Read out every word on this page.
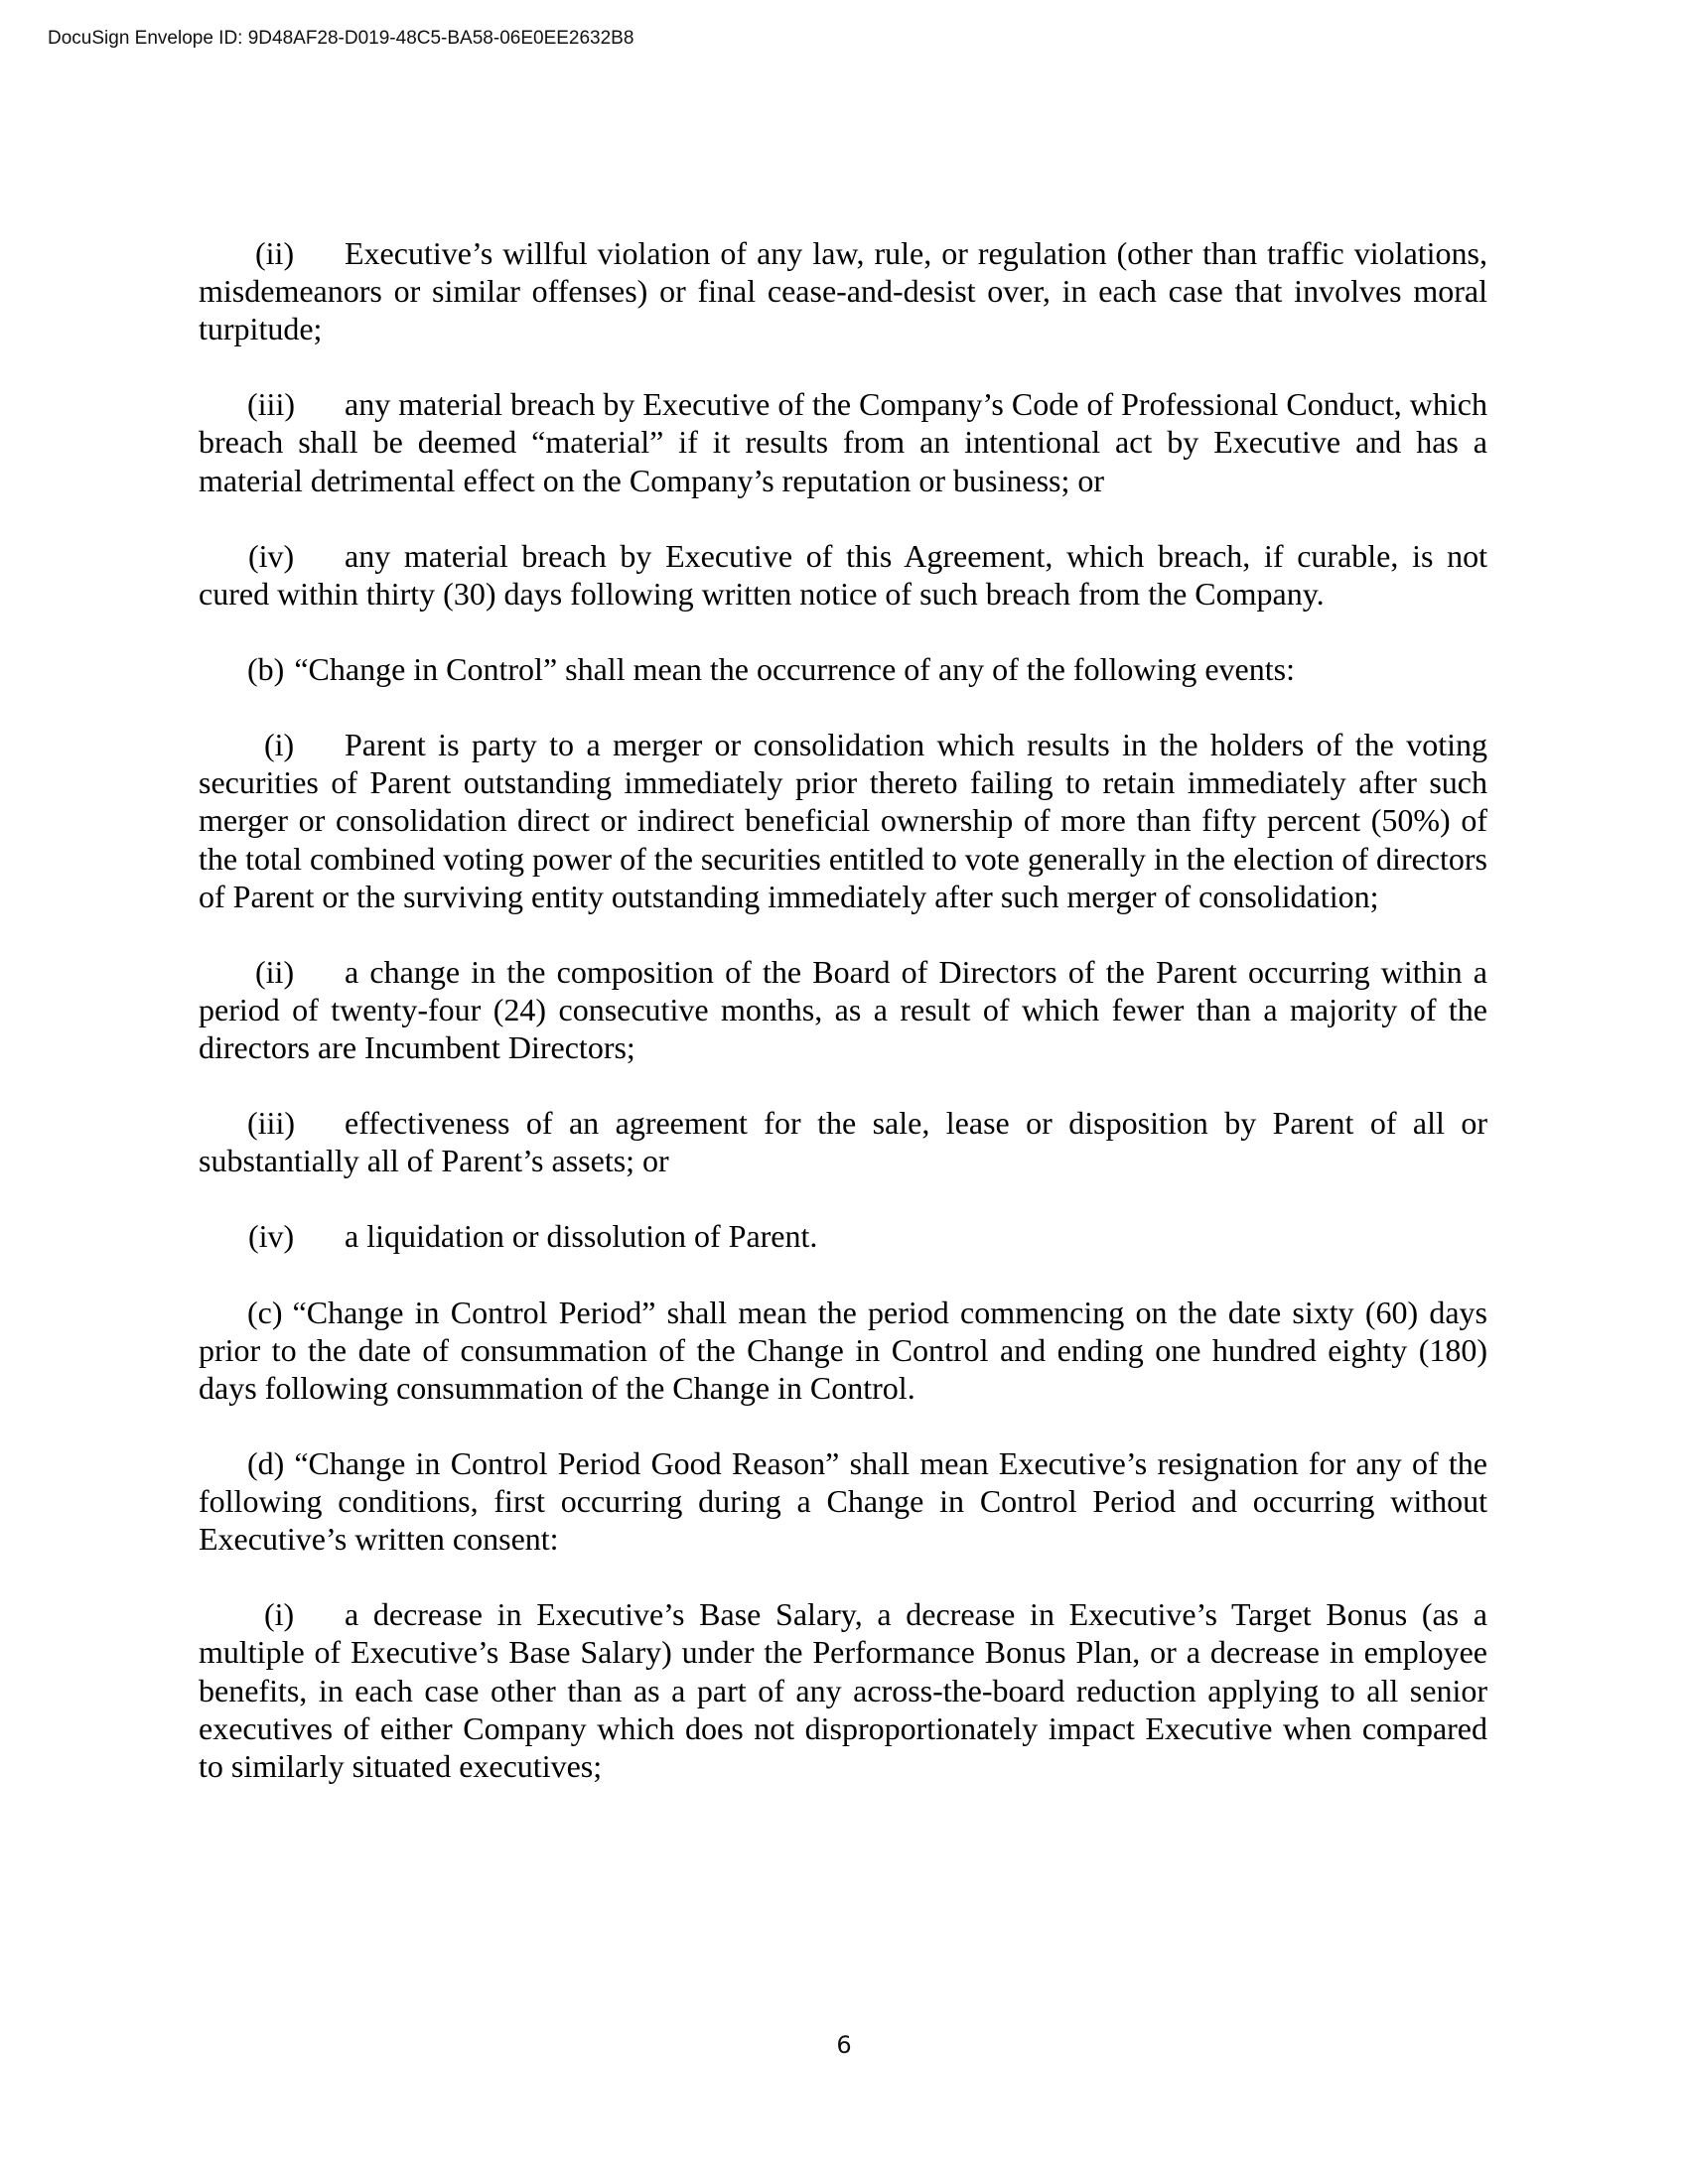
DocuSign Envelope ID: 9D48AF28-D019-48C5-BA58-06E0EE2632B8

(ii) Executive’s willful violation of any law, rule, or regulation (other than traffic violations, misdemeanors or similar offenses) or final cease-and-desist over, in each case that involves moral turpitude;

(iii) any material breach by Executive of the Company’s Code of Professional Conduct, which breach shall be deemed “material” if it results from an intentional act by Executive and has a material detrimental effect on the Company’s reputation or business; or

(iv) any material breach by Executive of this Agreement, which breach, if curable, is not cured within thirty (30) days following written notice of such breach from the Company.

(b) “Change in Control” shall mean the occurrence of any of the following events:

(i) Parent is party to a merger or consolidation which results in the holders of the voting securities of Parent outstanding immediately prior thereto failing to retain immediately after such merger or consolidation direct or indirect beneficial ownership of more than fifty percent (50%) of the total combined voting power of the securities entitled to vote generally in the election of directors of Parent or the surviving entity outstanding immediately after such merger of consolidation;

(ii) a change in the composition of the Board of Directors of the Parent occurring within a period of twenty-four (24) consecutive months, as a result of which fewer than a majority of the directors are Incumbent Directors;

(iii) effectiveness of an agreement for the sale, lease or disposition by Parent of all or substantially all of Parent’s assets; or

(iv) a liquidation or dissolution of Parent.

(c) “Change in Control Period” shall mean the period commencing on the date sixty (60) days prior to the date of consummation of the Change in Control and ending one hundred eighty (180) days following consummation of the Change in Control.

(d) “Change in Control Period Good Reason” shall mean Executive’s resignation for any of the following conditions, first occurring during a Change in Control Period and occurring without Executive’s written consent:

(i) a decrease in Executive’s Base Salary, a decrease in Executive’s Target Bonus (as a multiple of Executive’s Base Salary) under the Performance Bonus Plan, or a decrease in employee benefits, in each case other than as a part of any across-the-board reduction applying to all senior executives of either Company which does not disproportionately impact Executive when compared to similarly situated executives;

6
